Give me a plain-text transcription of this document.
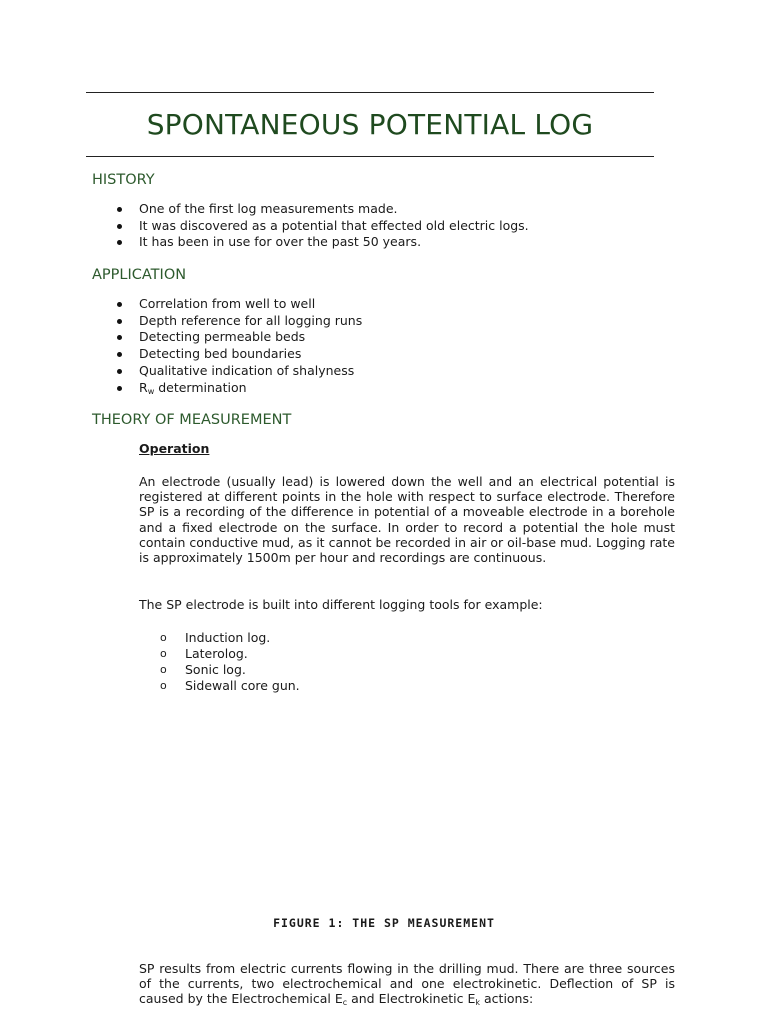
SPONTANEOUS POTENTIAL LOG
HISTORY
One of the first log measurements made.
It was discovered as a potential that effected old electric logs.
It has been in use for over the past 50 years.
APPLICATION
Correlation from well to well
Depth reference for all logging runs
Detecting permeable beds
Detecting bed boundaries
Qualitative indication of shalyness
$R_w$ determination
THEORY OF MEASUREMENT
Operation
An electrode (usually lead) is lowered down the well and an electrical potential is registered at different points in the hole with respect to surface electrode. Therefore SP is a recording of the difference in potential of a moveable electrode in a borehole and a fixed electrode on the surface. In order to record a potential the hole must contain conductive mud, as it cannot be recorded in air or oil-base mud. Logging rate is approximately 1500m per hour and recordings are continuous.
The SP electrode is built into different logging tools for example:
o Induction log.
o Laterolog.
o Sonic log.
o Sidewall core gun.
FIGURE 1: THE SP MEASUREMENT
SP results from electric currents flowing in the drilling mud. There are three sources of the currents, two electrochemical and one electrokinetic. Deflection of SP is caused by the Electrochemical $E_c$ and Electrokinetic $E_k$ actions:
